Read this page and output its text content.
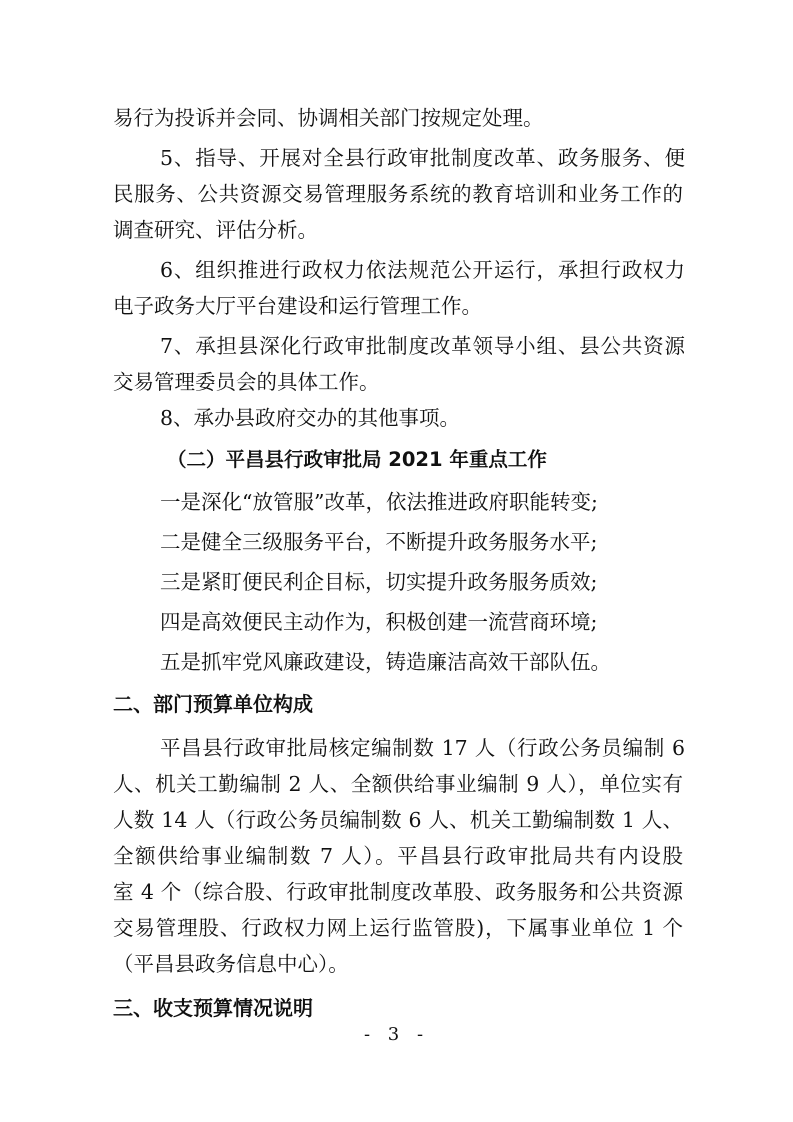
易行为投诉并会同、协调相关部门按规定处理。
5、指导、开展对全县行政审批制度改革、政务服务、便
民服务、公共资源交易管理服务系统的教育培训和业务工作的
调查研究、评估分析。
6、组织推进行政权力依法规范公开运行，承担行政权力
电子政务大厅平台建设和运行管理工作。
7、承担县深化行政审批制度改革领导小组、县公共资源
交易管理委员会的具体工作。
8、承办县政府交办的其他事项。
（二）平昌县行政审批局 2021 年重点工作
一是深化“放管服”改革，依法推进政府职能转变;
二是健全三级服务平台，不断提升政务服务水平;
三是紧盯便民利企目标，切实提升政务服务质效;
四是高效便民主动作为，积极创建一流营商环境;
五是抓牢党风廉政建设，铸造廉洁高效干部队伍。
二、部门预算单位构成
平昌县行政审批局核定编制数 17 人（行政公务员编制 6
人、机关工勤编制 2 人、全额供给事业编制 9 人），单位实有
人数 14 人（行政公务员编制数 6 人、机关工勤编制数 1 人、
全额供给事业编制数 7 人）。平昌县行政审批局共有内设股
室 4 个（综合股、行政审批制度改革股、政务服务和公共资源
交易管理股、行政权力网上运行监管股)，下属事业单位 1 个
（平昌县政务信息中心）。
三、收支预算情况说明
- 3 -
